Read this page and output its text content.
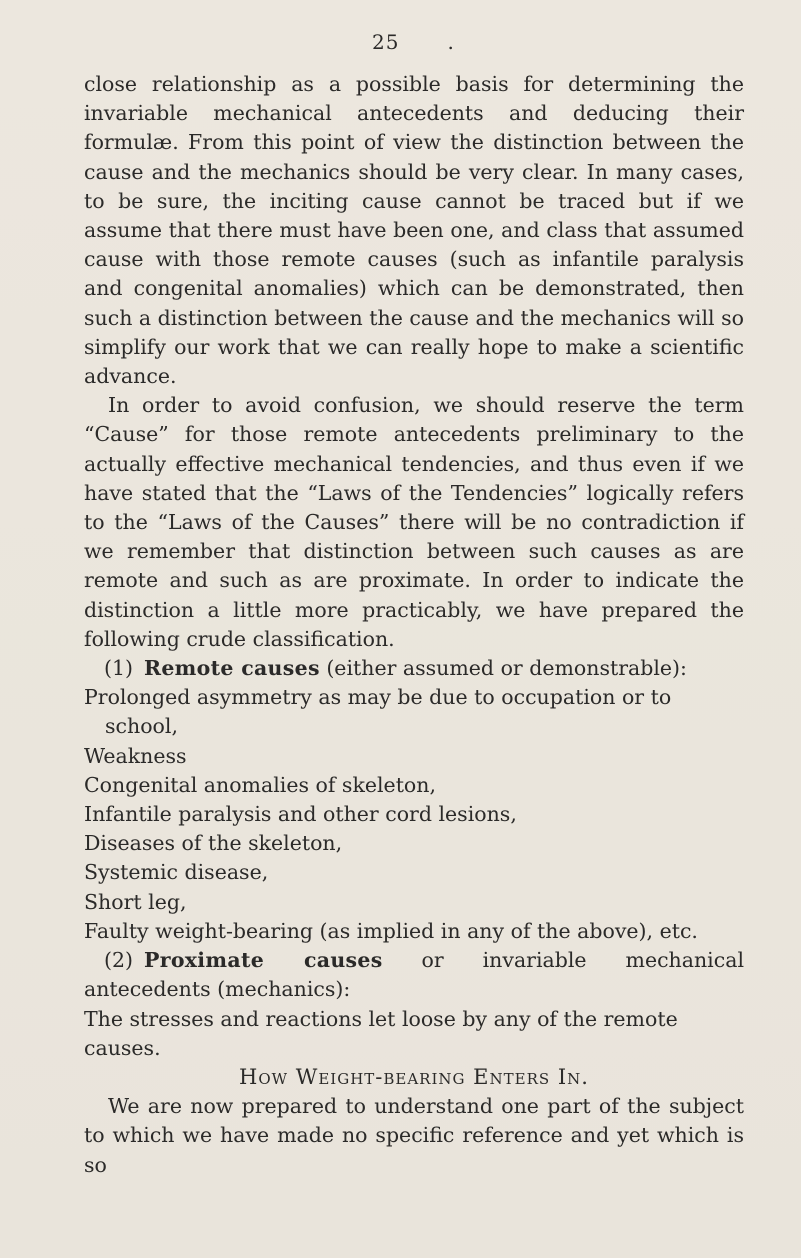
25 .

close relationship as a possible basis for determining the invariable mechanical antecedents and deducing their formulæ. From this point of view the distinction between the cause and the mechanics should be very clear. In many cases, to be sure, the inciting cause cannot be traced but if we assume that there must have been one, and class that assumed cause with those remote causes (such as infantile paralysis and congenital anomalies) which can be demonstrated, then such a distinction between the cause and the mechanics will so simplify our work that we can really hope to make a scientific advance.

In order to avoid confusion, we should reserve the term “Cause” for those remote antecedents preliminary to the actually effective mechanical tendencies, and thus even if we have stated that the “Laws of the Tendencies” logically refers to the “Laws of the Causes” there will be no contradiction if we remember that distinction between such causes as are remote and such as are proximate. In order to indicate the distinction a little more practicably, we have prepared the following crude classification.

(1) Remote causes (either assumed or demonstrable):

Prolonged asymmetry as may be due to occupation or to school,

Weakness

Congenital anomalies of skeleton,

Infantile paralysis and other cord lesions,

Diseases of the skeleton,

Systemic disease,

Short leg,

Faulty weight-bearing (as implied in any of the above), etc.

(2) Proximate causes or invariable mechanical antecedents (mechanics):

The stresses and reactions let loose by any of the remote causes.

How Weight-bearing Enters In.

We are now prepared to understand one part of the subject to which we have made no specific reference and yet which is so
